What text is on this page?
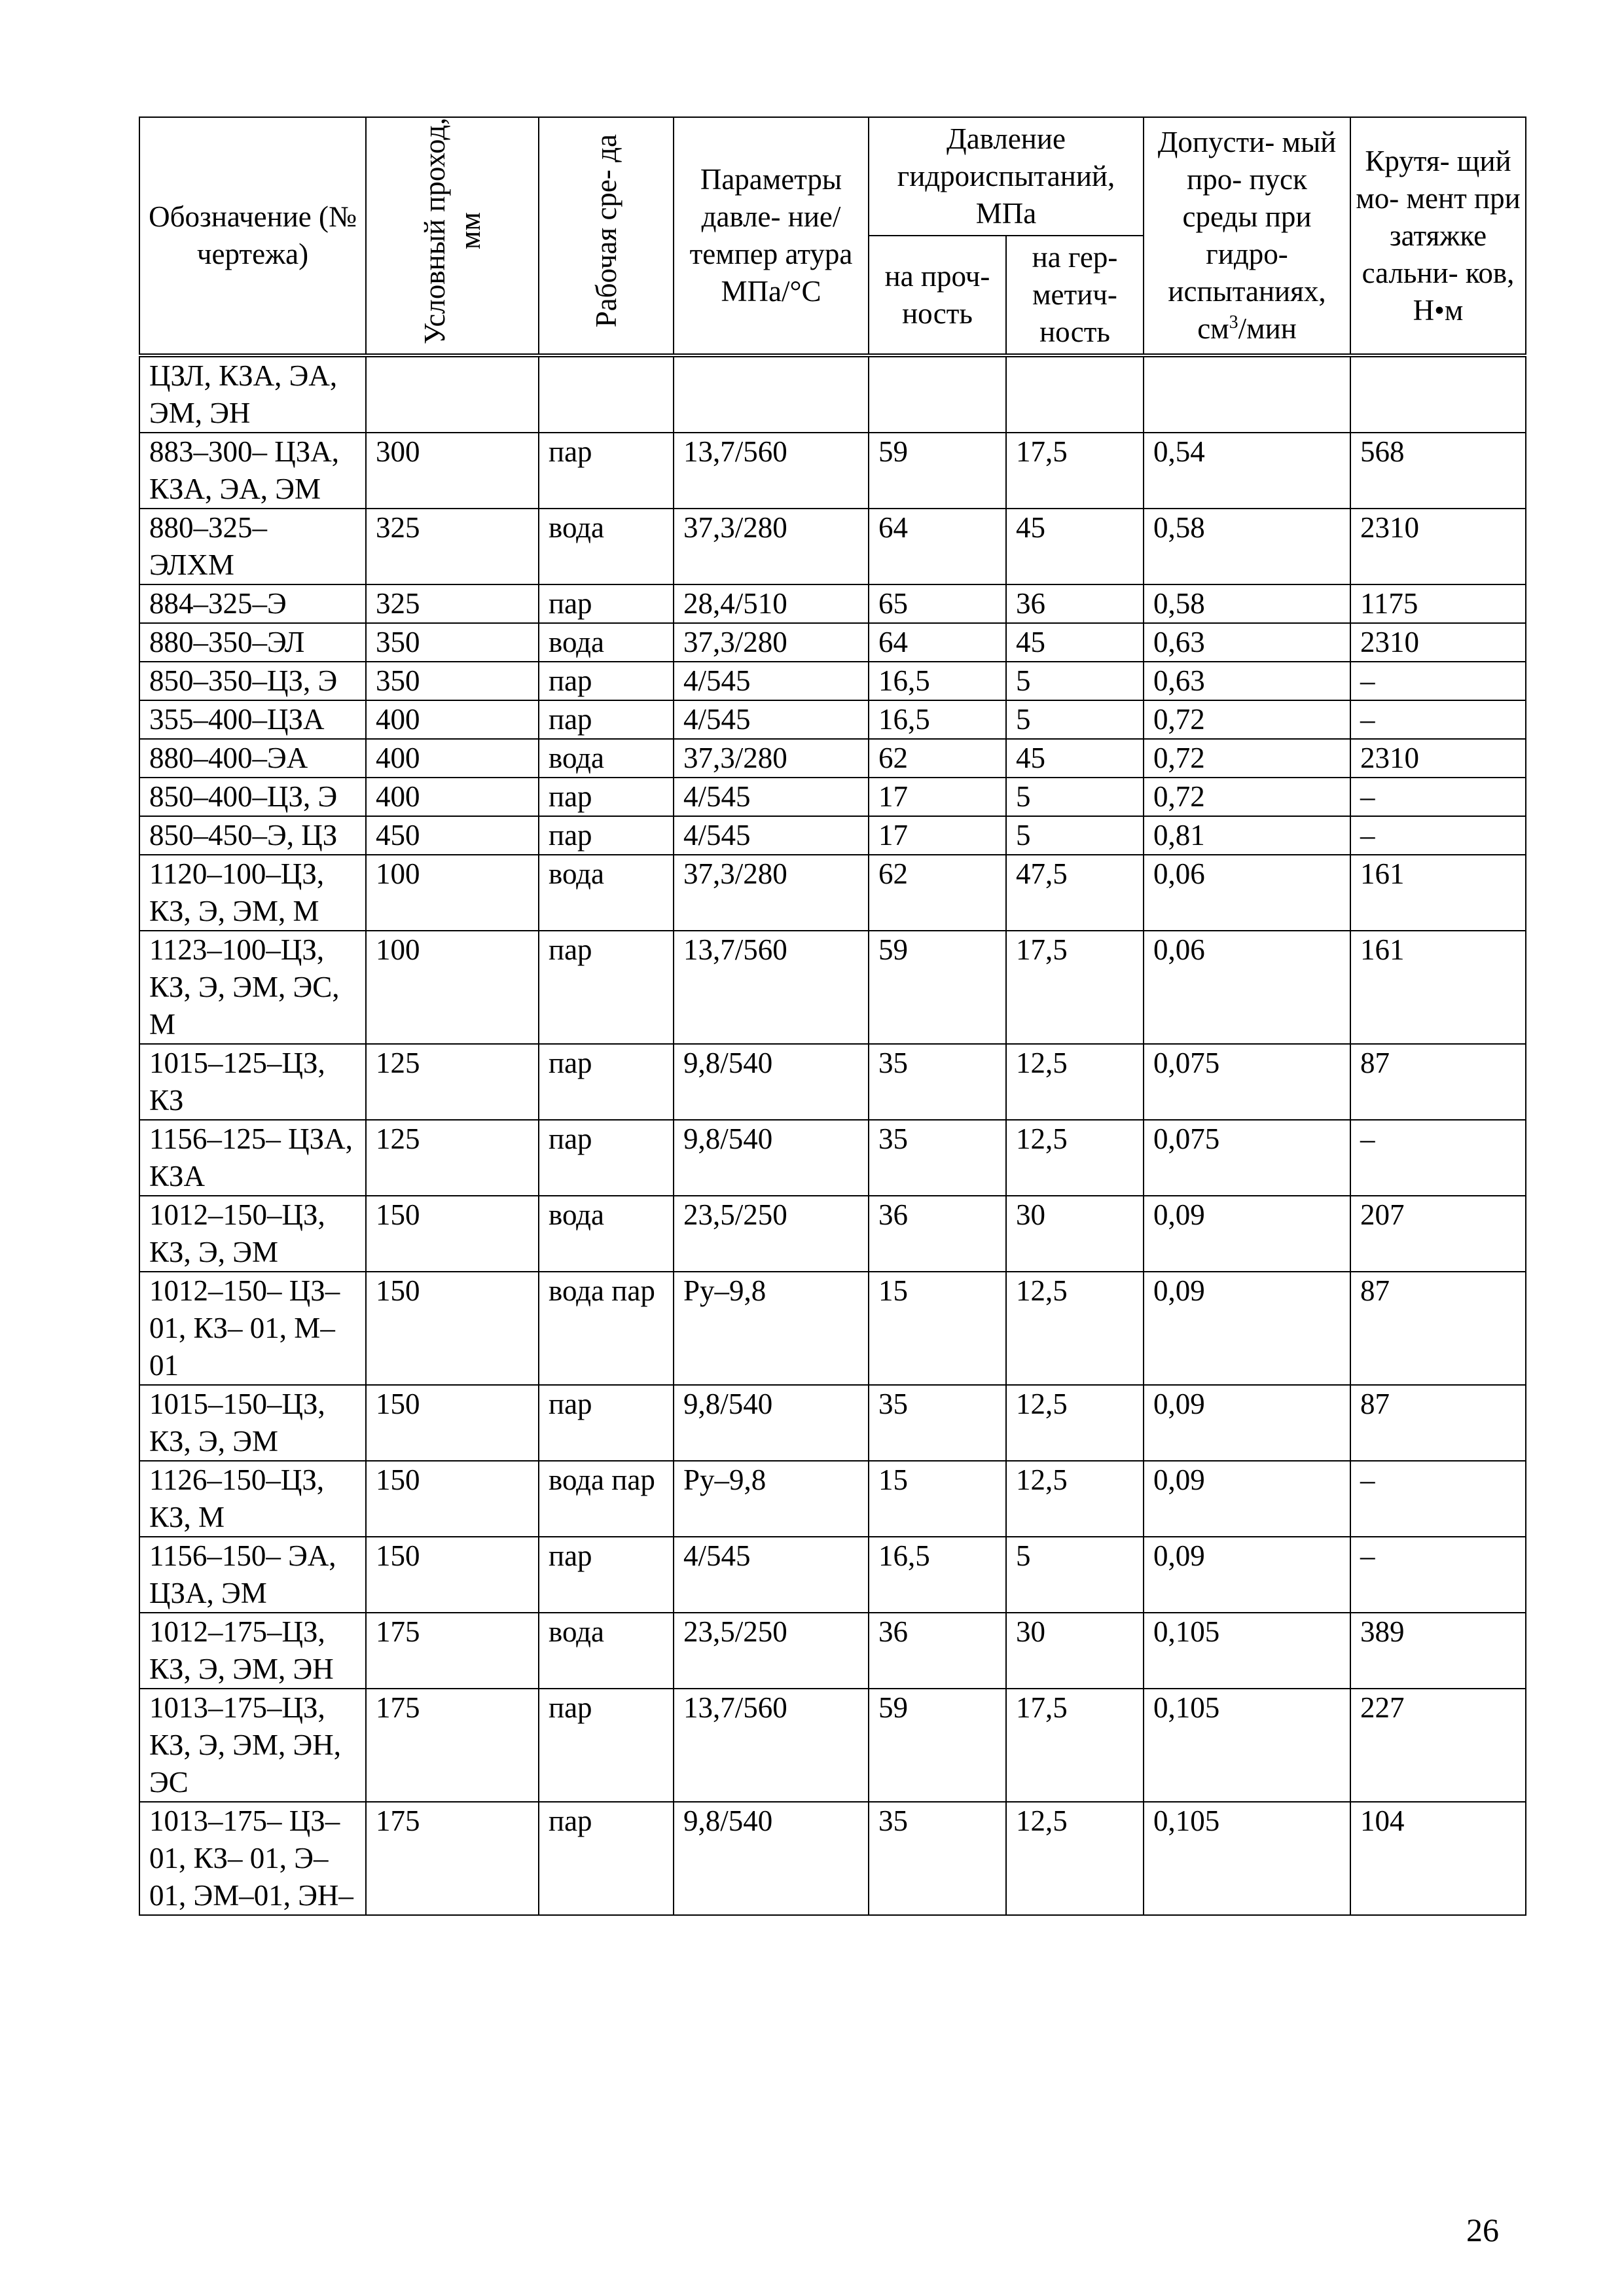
Обозначение (№ чертежа)	Условный проход, мм	Рабочая сре- да	Параметры давле- ние/темпер атура МПа/°С	Давление гидроиспытаний, МПа		Допусти- мый про- пуск среды при гидро- испытаниях, $см^3$/мин	Крутя- щий мо- мент при затяжке сальни- ков, Н•м
				на проч- ность	на гер- метич- ность		
ЦЗЛ, КЗА, ЭА, ЭМ, ЭН							
883–300– ЦЗА, КЗА, ЭА, ЭМ	300	пар	13,7/560	59	17,5	0,54	568
880–325– ЭЛХМ	325	вода	37,3/280	64	45	0,58	2310
884–325–Э	325	пар	28,4/510	65	36	0,58	1175
880–350–ЭЛ	350	вода	37,3/280	64	45	0,63	2310
850–350–ЦЗ, Э	350	пар	4/545	16,5	5	0,63	–
355–400–ЦЗА	400	пар	4/545	16,5	5	0,72	–
880–400–ЭА	400	вода	37,3/280	62	45	0,72	2310
850–400–ЦЗ, Э	400	пар	4/545	17	5	0,72	–
850–450–Э, ЦЗ	450	пар	4/545	17	5	0,81	–
1120–100–ЦЗ, КЗ, Э, ЭМ, М	100	вода	37,3/280	62	47,5	0,06	161
1123–100–ЦЗ, КЗ, Э, ЭМ, ЭС, М	100	пар	13,7/560	59	17,5	0,06	161
1015–125–ЦЗ, КЗ	125	пар	9,8/540	35	12,5	0,075	87
1156–125– ЦЗА, КЗА	125	пар	9,8/540	35	12,5	0,075	–
1012–150–ЦЗ, КЗ, Э, ЭМ	150	вода	23,5/250	36	30	0,09	207
1012–150– ЦЗ–01, КЗ– 01, М–01	150	вода пар	Ру–9,8	15	12,5	0,09	87
1015–150–ЦЗ, КЗ, Э, ЭМ	150	пар	9,8/540	35	12,5	0,09	87
1126–150–ЦЗ, КЗ, М	150	вода пар	Ру–9,8	15	12,5	0,09	–
1156–150– ЭА, ЦЗА, ЭМ	150	пар	4/545	16,5	5	0,09	–
1012–175–ЦЗ, КЗ, Э, ЭМ, ЭН	175	вода	23,5/250	36	30	0,105	389
1013–175–ЦЗ, КЗ, Э, ЭМ, ЭН, ЭС	175	пар	13,7/560	59	17,5	0,105	227
1013–175– ЦЗ–01, КЗ– 01, Э–01, ЭМ–01, ЭН–	175	пар	9,8/540	35	12,5	0,105	104
26
